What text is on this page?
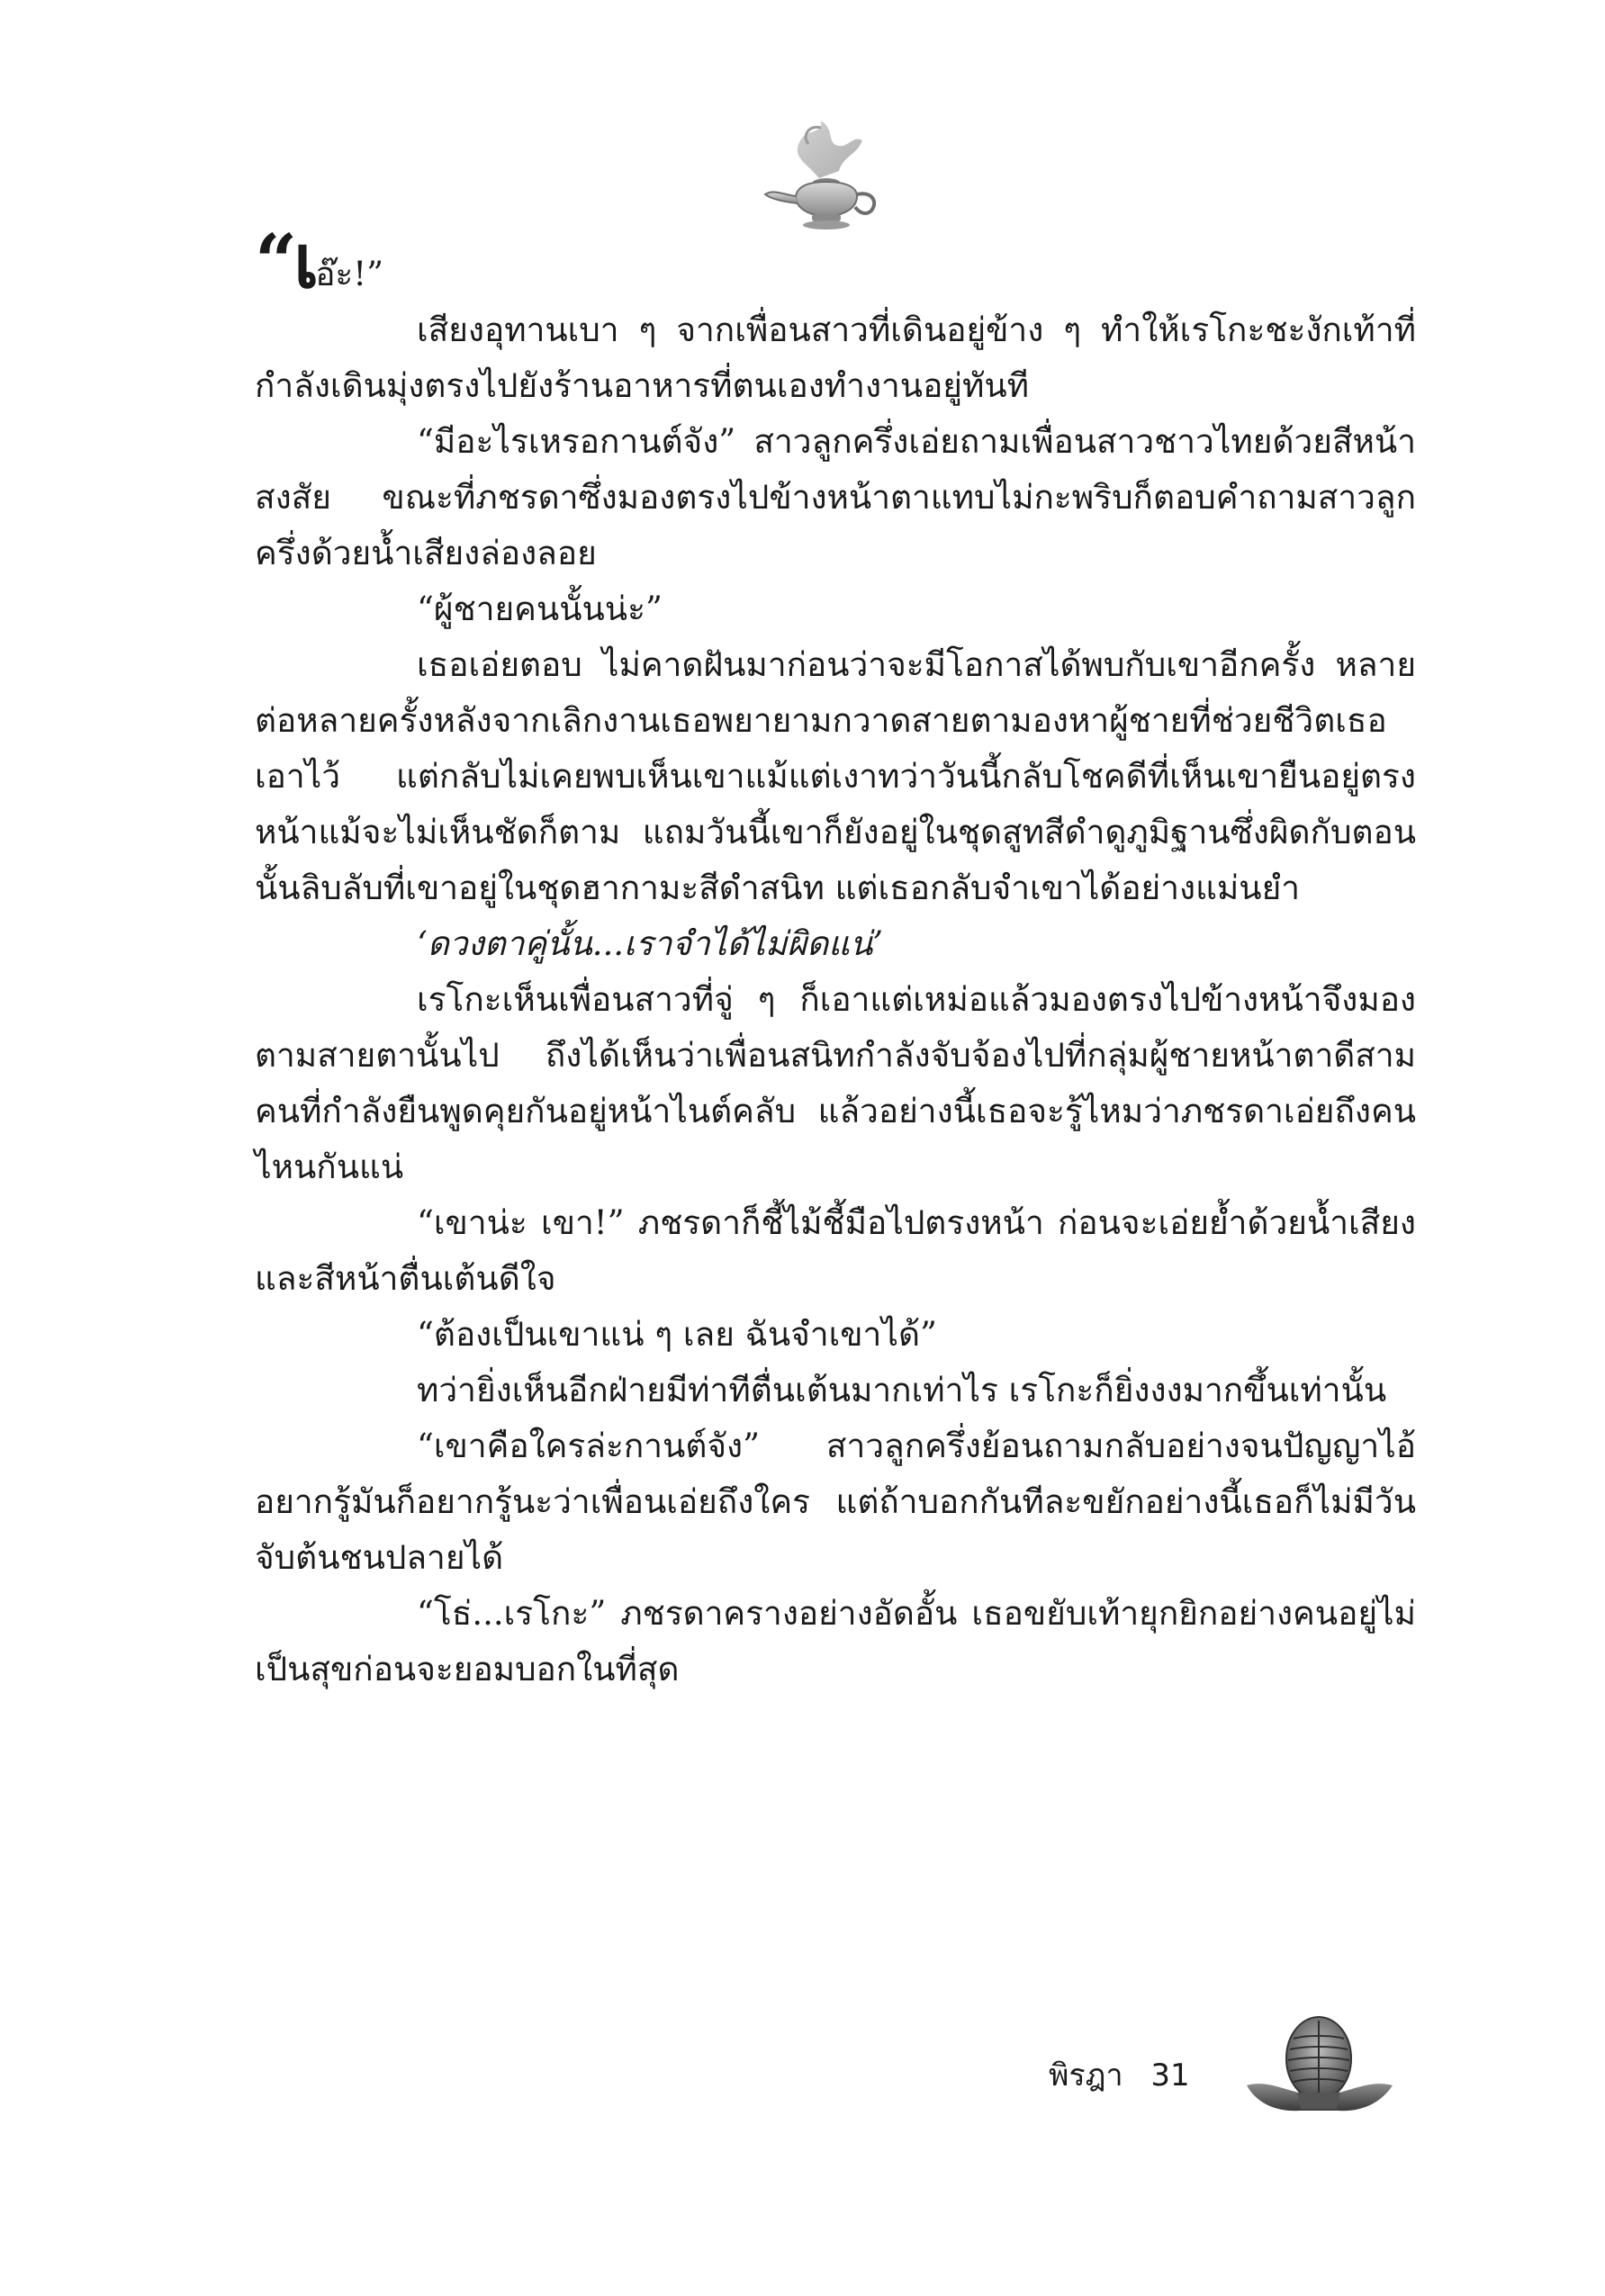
“เอ๊ะ!”

เสียงอุทานเบา ๆ จากเพื่อนสาวที่เดินอยู่ข้าง ๆ ทำให้เรโกะชะงักเท้าที่กำลังเดินมุ่งตรงไปยังร้านอาหารที่ตนเองทำงานอยู่ทันที

“มีอะไรเหรอกานต์จัง” สาวลูกครึ่งเอ่ยถามเพื่อนสาวชาวไทยด้วยสีหน้าสงสัย ขณะที่ภชรดาซึ่งมองตรงไปข้างหน้าตาแทบไม่กะพริบก็ตอบคำถามสาวลูกครึ่งด้วยน้ำเสียงล่องลอย

“ผู้ชายคนนั้นน่ะ”

เธอเอ่ยตอบ ไม่คาดฝันมาก่อนว่าจะมีโอกาสได้พบกับเขาอีกครั้ง หลายต่อหลายครั้งหลังจากเลิกงานเธอพยายามกวาดสายตามองหาผู้ชายที่ช่วยชีวิตเธอเอาไว้ แต่กลับไม่เคยพบเห็นเขาแม้แต่เงาทว่าวันนี้กลับโชคดีที่เห็นเขายืนอยู่ตรงหน้าแม้จะไม่เห็นชัดก็ตาม แถมวันนี้เขาก็ยังอยู่ในชุดสูทสีดำดูภูมิฐานซึ่งผิดกับตอนนั้นลิบลับที่เขาอยู่ในชุดฮากามะสีดำสนิท แต่เธอกลับจำเขาได้อย่างแม่นยำ

‘ดวงตาคู่นั้น...เราจำได้ไม่ผิดแน่’

เรโกะเห็นเพื่อนสาวที่จู่ ๆ ก็เอาแต่เหม่อแล้วมองตรงไปข้างหน้าจึงมองตามสายตานั้นไป ถึงได้เห็นว่าเพื่อนสนิทกำลังจับจ้องไปที่กลุ่มผู้ชายหน้าตาดีสามคนที่กำลังยืนพูดคุยกันอยู่หน้าไนต์คลับ แล้วอย่างนี้เธอจะรู้ไหมว่าภชรดาเอ่ยถึงคนไหนกันแน่

“เขาน่ะ เขา!” ภชรดาก็ชี้ไม้ชี้มือไปตรงหน้า ก่อนจะเอ่ยย้ำด้วยน้ำเสียงและสีหน้าตื่นเต้นดีใจ

“ต้องเป็นเขาแน่ ๆ เลย ฉันจำเขาได้”

ทว่ายิ่งเห็นอีกฝ่ายมีท่าทีตื่นเต้นมากเท่าไร เรโกะก็ยิ่งงงมากขึ้นเท่านั้น

“เขาคือใครล่ะกานต์จัง” สาวลูกครึ่งย้อนถามกลับอย่างจนปัญญาไอ้อยากรู้มันก็อยากรู้นะว่าเพื่อนเอ่ยถึงใคร แต่ถ้าบอกกันทีละขยักอย่างนี้เธอก็ไม่มีวันจับต้นชนปลายได้

“โธ่...เรโกะ” ภชรดาครางอย่างอัดอั้น เธอขยับเท้ายุกยิกอย่างคนอยู่ไม่เป็นสุขก่อนจะยอมบอกในที่สุด

พิรฎา 31
